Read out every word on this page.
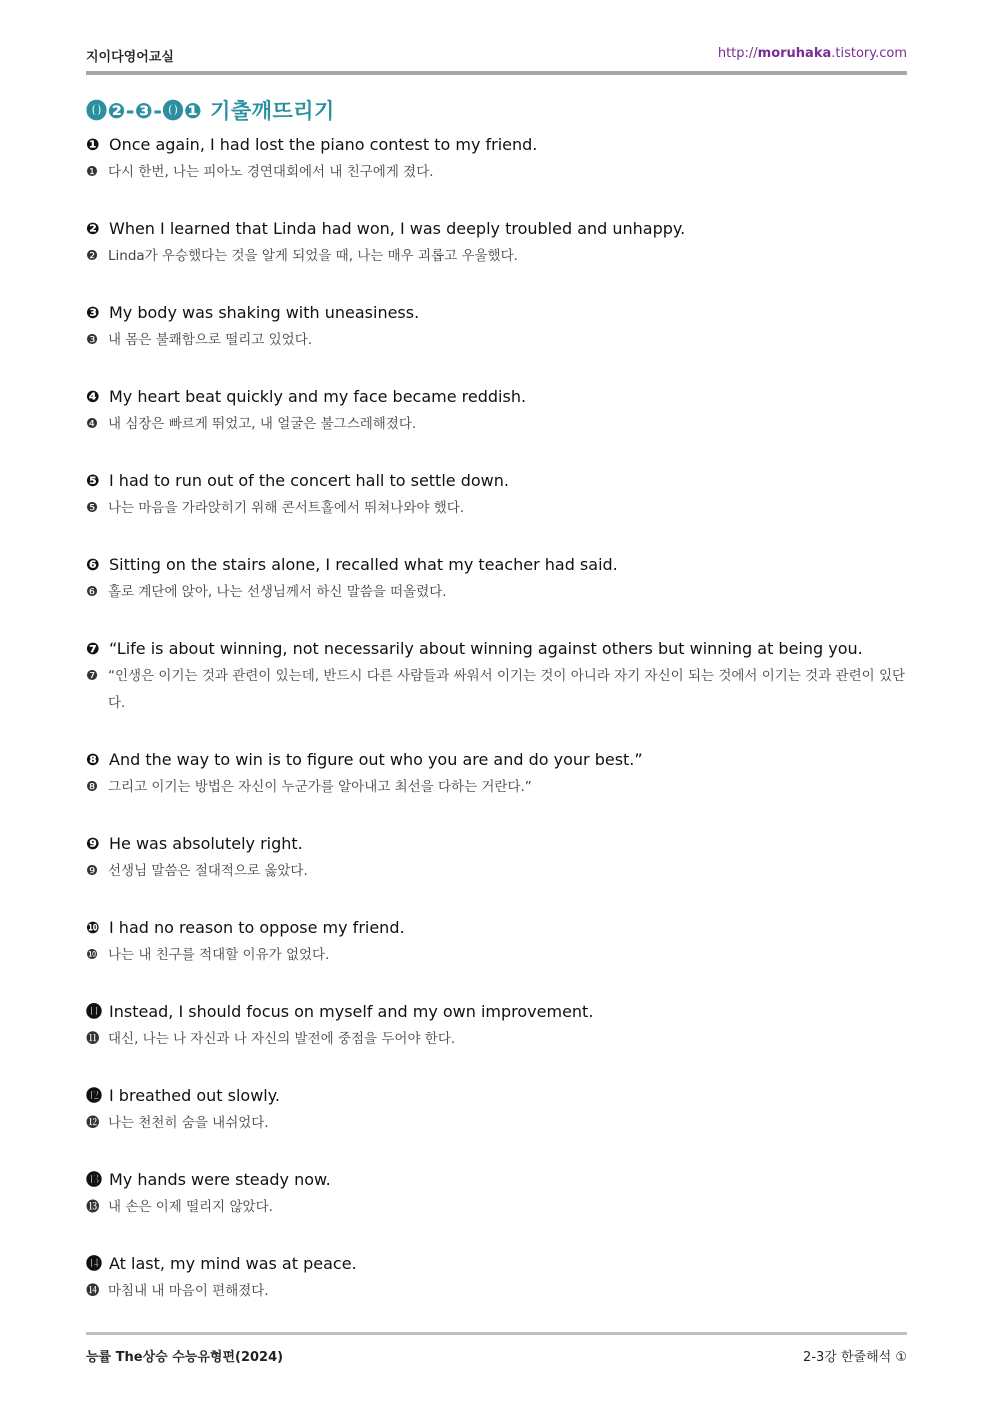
지이다영어교실	http://moruhaka.tistory.com
⓿❷-❸-⓿❶ 기출깨뜨리기
❶ Once again, I had lost the piano contest to my friend.
❶ 다시 한번, 나는 피아노 경연대회에서 내 친구에게 졌다.
❷ When I learned that Linda had won, I was deeply troubled and unhappy.
❷ Linda가 우승했다는 것을 알게 되었을 때, 나는 매우 괴롭고 우울했다.
❸ My body was shaking with uneasiness.
❸ 내 몸은 불쾌함으로 떨리고 있었다.
❹ My heart beat quickly and my face became reddish.
❹ 내 심장은 빠르게 뛰었고, 내 얼굴은 불그스레해졌다.
❺ I had to run out of the concert hall to settle down.
❺ 나는 마음을 가라앉히기 위해 콘서트홀에서 뛰쳐나와야 했다.
❻ Sitting on the stairs alone, I recalled what my teacher had said.
❻ 홀로 계단에 앉아, 나는 선생님께서 하신 말씀을 떠올렸다.
❼ “Life is about winning, not necessarily about winning against others but winning at being you.
❼ “인생은 이기는 것과 관련이 있는데, 반드시 다른 사람들과 싸워서 이기는 것이 아니라 자기 자신이 되는 것에서 이기는 것과 관련이 있단다.
❽ And the way to win is to figure out who you are and do your best.”
❽ 그리고 이기는 방법은 자신이 누군가를 알아내고 최선을 다하는 거란다.”
❾ He was absolutely right.
❾ 선생님 말씀은 절대적으로 옳았다.
❿ I had no reason to oppose my friend.
❿ 나는 내 친구를 적대할 이유가 없었다.
⓫ Instead, I should focus on myself and my own improvement.
⓫ 대신, 나는 나 자신과 나 자신의 발전에 중점을 두어야 한다.
⓬ I breathed out slowly.
⓬ 나는 천천히 숨을 내쉬었다.
⓭ My hands were steady now.
⓭ 내 손은 이제 떨리지 않았다.
⓮ At last, my mind was at peace.
⓮ 마침내 내 마음이 편해졌다.
능률 The상승 수능유형편(2024)	2-3강 한줄해석 ①
